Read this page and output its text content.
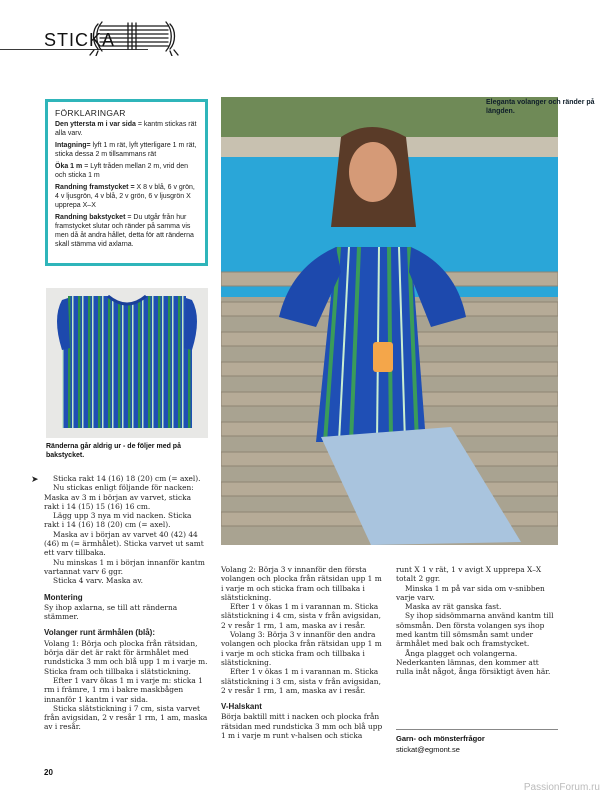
STICKA
FÖRKLARINGAR
Den yttersta m i var sida = kantm stickas rät alla varv.
Intagning= lyft 1 m rät, lyft ytterligare 1 m rät, sticka dessa 2 m tillsammans rät
Öka 1 m = Lyft tråden mellan 2 m, vrid den och sticka 1 m
Randning framstycket = X 8 v blå, 6 v grön, 4 v ljusgrön, 4 v blå, 2 v grön, 6 v ljusgrön X upprepa X–X
Randning bakstycket = Du utgår från hur framstycket slutar och ränder på samma vis men då åt andra hållet, detta för att ränderna skall stämma vid axlarna.
Ränderna går aldrig ur - de följer med på bakstycket.
Eleganta volanger och ränder på längden.
➤	Sticka rakt 14 (16) 18 (20) cm (= axel).

Nu stickas enligt följande för nacken: Maska av 3 m i början av varvet, sticka rakt i 14 (15) 15 (16) 16 cm.

Lägg upp 3 nya m vid nacken. Sticka rakt i 14 (16) 18 (20) cm (= axel).

Maska av i början av varvet 40 (42) 44 (46) m (= ärmhålet). Sticka varvet ut samt ett varv tillbaka.

Nu minskas 1 m i början innanför kantm vartannat varv 6 ggr.

Sticka 4 varv. Maska av.

Montering

Sy ihop axlarna, se till att ränderna stämmer.

Volanger runt ärmhålen (blå):

Volang 1: Börja och plocka från rätsidan, börja där det är rakt för ärmhålet med rundsticka 3 mm och blå upp 1 m i varje m. Sticka fram och tillbaka i slätstickning.

Efter 1 varv ökas 1 m i varje m: sticka 1 rm i främre, 1 rm i bakre maskbågen innanför 1 kantm i var sida.

Sticka slätstickning i 7 cm, sista varvet från avigsidan, 2 v resår 1 rm, 1 am, maska av i resår.

Volang 2: Börja 3 v innanför den första volangen och plocka från rätsidan upp 1 m i varje m och sticka fram och tillbaka i slätstickning.

Efter 1 v ökas 1 m i varannan m. Sticka slätstickning i 4 cm, sista v från avigsidan, 2 v resår 1 rm, 1 am, maska av i resår.

Volang 3: Börja 3 v innanför den andra volangen och plocka från rätsidan upp 1 m i varje m och sticka fram och tillbaka i slätstickning.

Efter 1 v ökas 1 m i varannan m. Sticka slätstickning i 3 cm, sista v från avigsidan, 2 v resår 1 rm, 1 am, maska av i resår.

V-Halskant

Börja baktill mitt i nacken och plocka från rätsidan med rundsticka 3 mm och blå upp 1 m i varje m runt v-halsen och sticka

runt X 1 v rät, 1 v avigt X upprepa X–X totalt 2 ggr.

Minska 1 m på var sida om v-snibben varje varv.

Maska av rät ganska fast.

Sy ihop sidsömmarna använd kantm till sömsmån. Den första volangen sys ihop med kantm till sömsmån samt under ärmhålet med bak och framstycket.

Ånga plagget och volangerna. Nederkanten lämnas, den kommer att rulla inåt något, ånga försiktigt även här.

Garn- och mönsterfrågor
stickat@egmont.se
20
PassionForum.ru
